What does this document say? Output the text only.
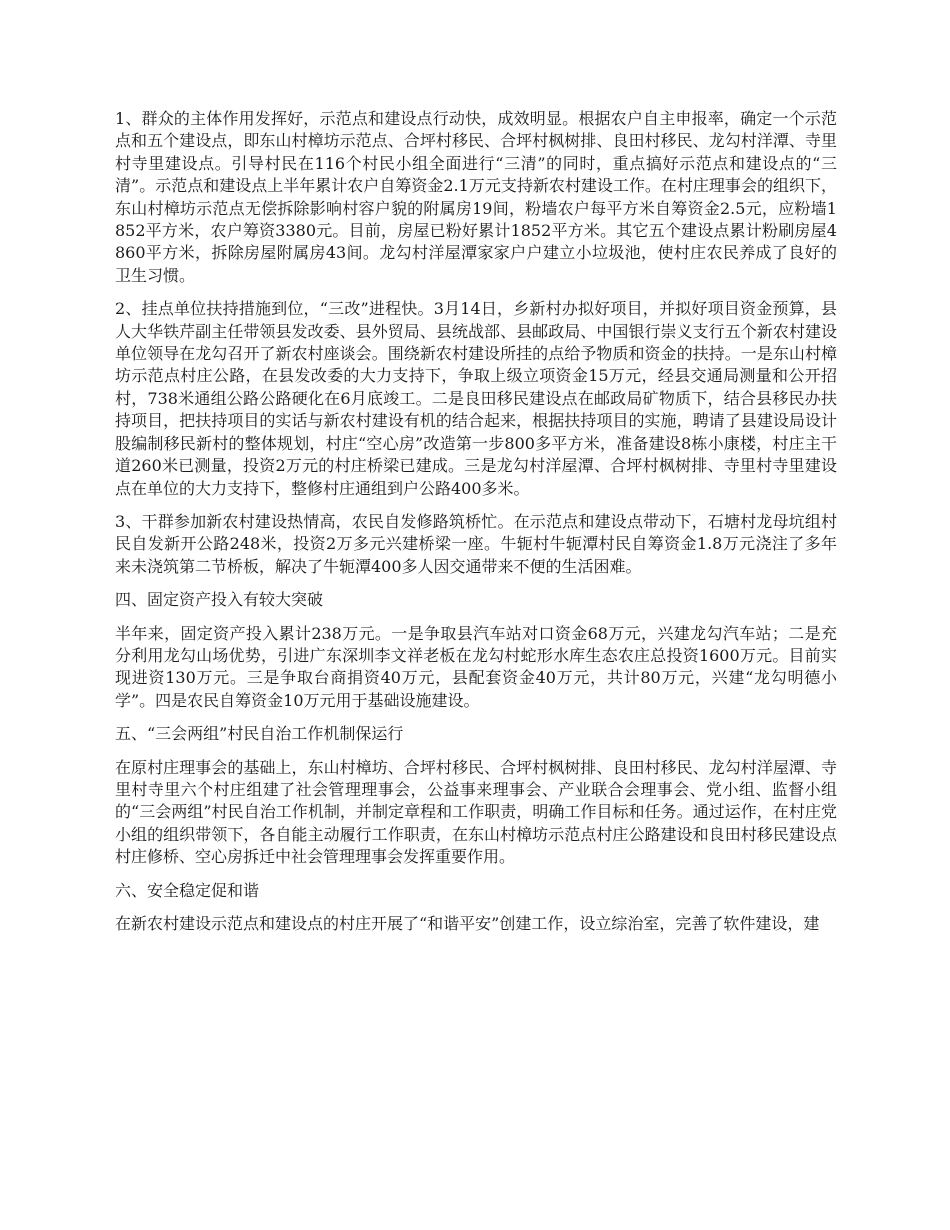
1、群众的主体作用发挥好，示范点和建设点行动快，成效明显。根据农户自主申报率，确定一个示范点和五个建设点，即东山村樟坊示范点、合坪村移民、合坪村枫树排、良田村移民、龙勾村洋潭、寺里村寺里建设点。引导村民在116个村民小组全面进行“三清”的同时，重点搞好示范点和建设点的“三清”。示范点和建设点上半年累计农户自筹资金2.1万元支持新农村建设工作。在村庄理事会的组织下，东山村樟坊示范点无偿拆除影响村容户貌的附属房19间，粉墙农户每平方米自筹资金2.5元，应粉墙1852平方米，农户筹资3380元。目前，房屋已粉好累计1852平方米。其它五个建设点累计粉刷房屋4860平方米，拆除房屋附属房43间。龙勾村洋屋潭家家户户建立小垃圾池，使村庄农民养成了良好的卫生习惯。

2、挂点单位扶持措施到位，“三改”进程快。3月14日，乡新村办拟好项目，并拟好项目资金预算，县人大华铁芹副主任带领县发改委、县外贸局、县统战部、县邮政局、中国银行崇义支行五个新农村建设单位领导在龙勾召开了新农村座谈会。围绕新农村建设所挂的点给予物质和资金的扶持。一是东山村樟坊示范点村庄公路，在县发改委的大力支持下，争取上级立项资金15万元，经县交通局测量和公开招村，738米通组公路公路硬化在6月底竣工。二是良田移民建设点在邮政局矿物质下，结合县移民办扶持项目，把扶持项目的实话与新农村建设有机的结合起来，根据扶持项目的实施，聘请了县建设局设计股编制移民新村的整体规划，村庄“空心房”改造第一步800多平方米，准备建设8栋小康楼，村庄主干道260米已测量，投资2万元的村庄桥梁已建成。三是龙勾村洋屋潭、合坪村枫树排、寺里村寺里建设点在单位的大力支持下，整修村庄通组到户公路400多米。

3、干群参加新农村建设热情高，农民自发修路筑桥忙。在示范点和建设点带动下，石塘村龙母坑组村民自发新开公路248米，投资2万多元兴建桥梁一座。牛轭村牛轭潭村民自筹资金1.8万元浇注了多年来未浇筑第二节桥板，解决了牛轭潭400多人因交通带来不便的生活困难。

四、固定资产投入有较大突破

半年来，固定资产投入累计238万元。一是争取县汽车站对口资金68万元，兴建龙勾汽车站；二是充分利用龙勾山场优势，引进广东深圳李文祥老板在龙勾村蛇形水库生态农庄总投资1600万元。目前实现进资130万元。三是争取台商捐资40万元，县配套资金40万元，共计80万元，兴建“龙勾明德小学”。四是农民自筹资金10万元用于基础设施建设。

五、“三会两组”村民自治工作机制保运行

在原村庄理事会的基础上，东山村樟坊、合坪村移民、合坪村枫树排、良田村移民、龙勾村洋屋潭、寺里村寺里六个村庄组建了社会管理理事会，公益事来理事会、产业联合会理事会、党小组、监督小组的“三会两组”村民自治工作机制，并制定章程和工作职责，明确工作目标和任务。通过运作，在村庄党小组的组织带领下，各自能主动履行工作职责，在东山村樟坊示范点村庄公路建设和良田村移民建设点村庄修桥、空心房拆迁中社会管理理事会发挥重要作用。

六、安全稳定促和谐

在新农村建设示范点和建设点的村庄开展了“和谐平安”创建工作，设立综治室，完善了软件建设，建
